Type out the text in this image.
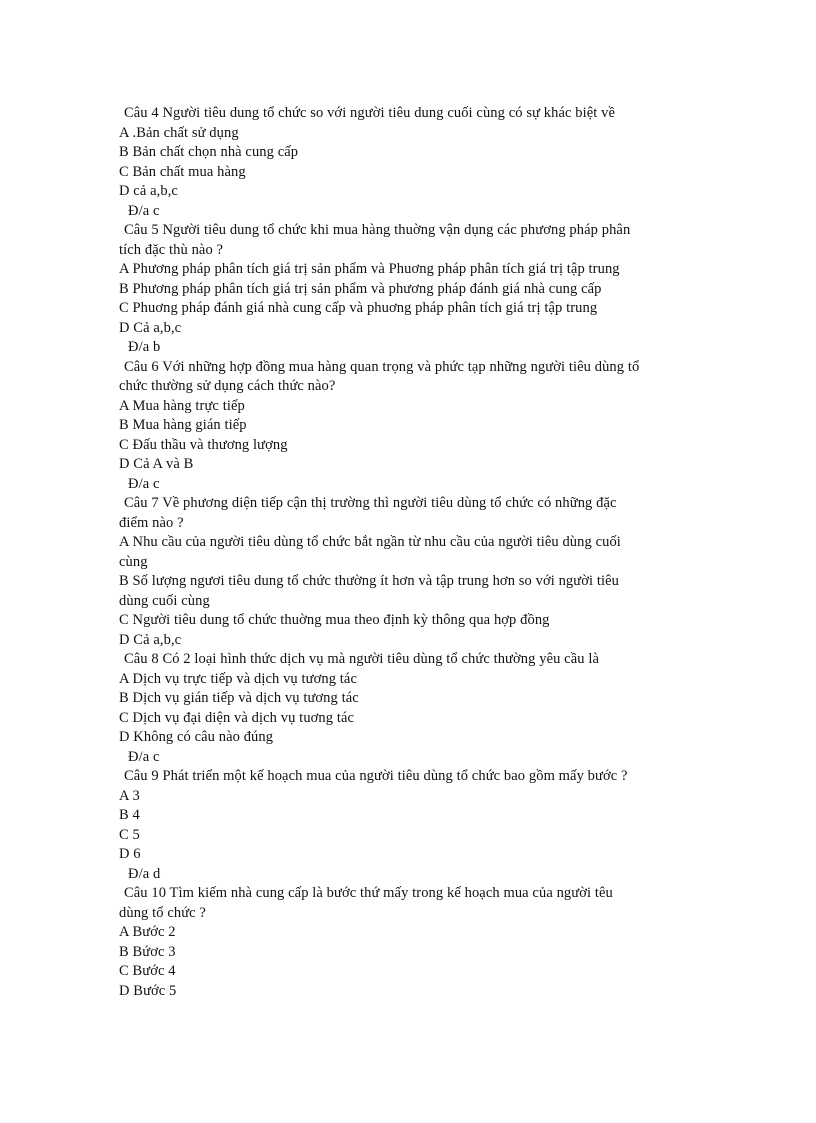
Câu 4 Người tiêu dung tổ chức so với người tiêu dung cuối cùng có sự khác biệt về
A .Bản chất sử dụng
B Bản chất chọn nhà cung cấp
C Bản chất mua hàng
D cả a,b,c
Đ/a c
Câu 5 Người tiêu dung tổ chức khi mua hàng thuờng vận dụng các phương pháp phân
tích đặc thù nào ?
A Phương pháp phân tích giá trị sản phẩm và Phuơng pháp phân tích giá trị tập trung
B Phương pháp phân tích giá trị sản phẩm và phương pháp đánh giá nhà cung cấp
C Phuơng pháp đánh giá nhà cung cấp và phuơng pháp phân tích giá trị tập trung
D Cả a,b,c
Đ/a b
Câu 6 Với những hợp đồng mua hàng quan trọng và phức tạp những người tiêu dùng tổ
chức thường sử dụng cách thức nào?
A Mua hàng trực tiếp
B Mua hàng gián tiếp
C Đấu thầu và thương lượng
D Cả A và B
Đ/a c
Câu 7 Về phương diện tiếp cận thị trường thì người tiêu dùng tổ chức có những đặc
điểm nào ?
A Nhu cầu của người tiêu dùng tổ chức bắt ngần từ nhu cầu của người tiêu dùng cuối
cùng
B Số lượng ngươi tiêu dung tổ chức thường ít hơn và tập trung hơn so với người tiêu
dùng cuối cùng
C Người tiêu dung tổ chức thuờng mua theo định kỳ thông qua hợp đồng
D Cả a,b,c
Câu 8 Có 2 loại hình thức dịch vụ mà người tiêu dùng tổ chức thường yêu cầu là
A Dịch vụ trực tiếp và dịch vụ tương tác
B Dịch vụ gián tiếp và dịch vụ tương tác
C Dịch vụ đại diện và dịch vụ tuơng tác
D Không có câu nào đúng
Đ/a c
Câu 9 Phát triển một kế hoạch mua của người tiêu dùng tổ chức bao gồm mấy bước ?
A 3
B 4
C 5
D 6
Đ/a d
Câu 10 Tìm kiếm nhà cung cấp là bước thứ mấy trong kế hoạch mua của người têu
dùng tổ chức ?
A Bước 2
B Bứơc 3
C Bước 4
D Bước 5
